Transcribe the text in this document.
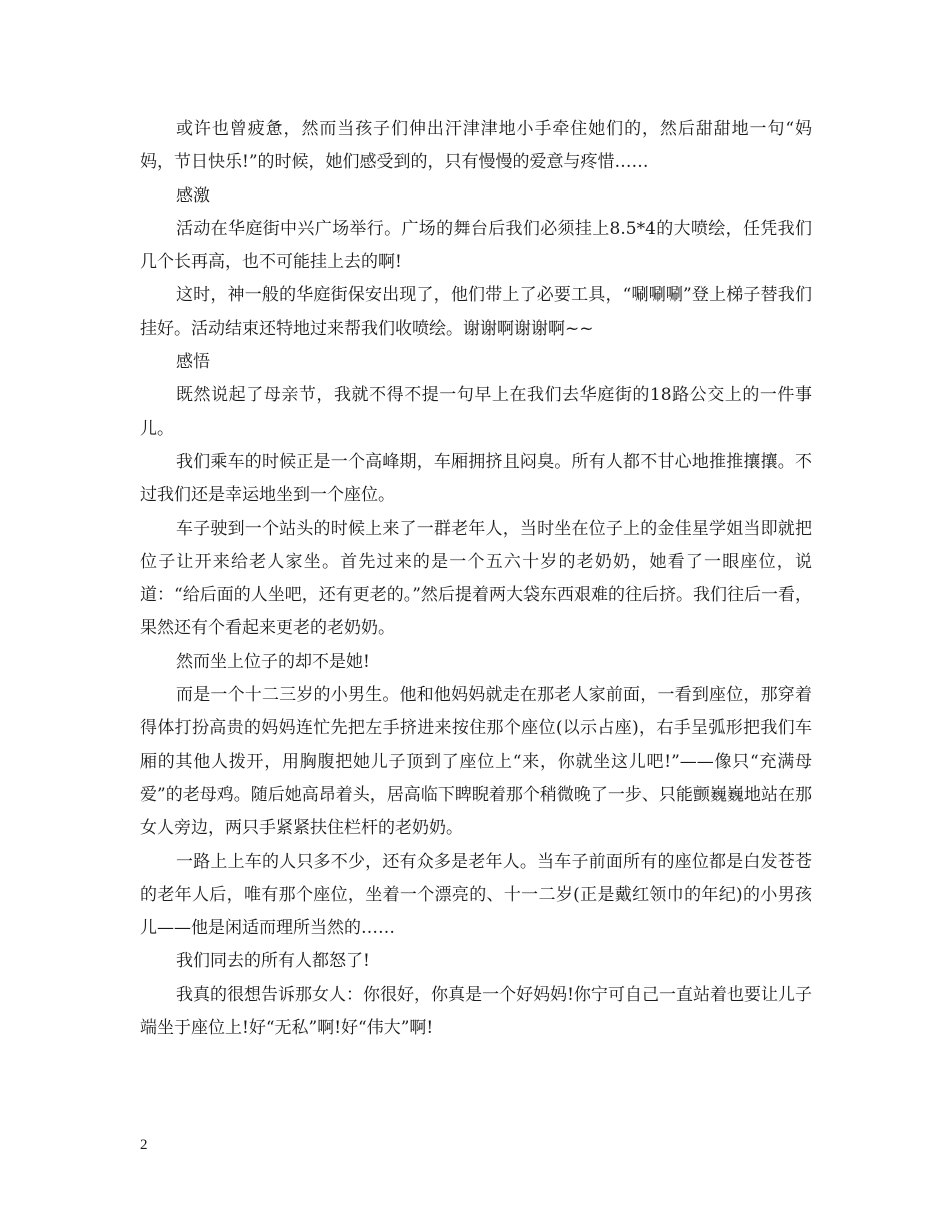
或许也曾疲惫，然而当孩子们伸出汗津津地小手牵住她们的，然后甜甜地一句“妈妈，节日快乐!”的时候，她们感受到的，只有慢慢的爱意与疼惜……

感激

活动在华庭街中兴广场举行。广场的舞台后我们必须挂上8.5*4的大喷绘，任凭我们几个长再高，也不可能挂上去的啊!

这时，神一般的华庭街保安出现了，他们带上了必要工具，“唰唰唰”登上梯子替我们挂好。活动结束还特地过来帮我们收喷绘。谢谢啊谢谢啊~~

感悟

既然说起了母亲节，我就不得不提一句早上在我们去华庭街的18路公交上的一件事儿。

我们乘车的时候正是一个高峰期，车厢拥挤且闷臭。所有人都不甘心地推推攘攘。不过我们还是幸运地坐到一个座位。

车子驶到一个站头的时候上来了一群老年人，当时坐在位子上的金佳星学姐当即就把位子让开来给老人家坐。首先过来的是一个五六十岁的老奶奶，她看了一眼座位，说道：“给后面的人坐吧，还有更老的。”然后提着两大袋东西艰难的往后挤。我们往后一看，果然还有个看起来更老的老奶奶。

然而坐上位子的却不是她!

而是一个十二三岁的小男生。他和他妈妈就走在那老人家前面，一看到座位，那穿着得体打扮高贵的妈妈连忙先把左手挤进来按住那个座位(以示占座)，右手呈弧形把我们车厢的其他人拨开，用胸腹把她儿子顶到了座位上“来，你就坐这儿吧!”——像只“充满母爱”的老母鸡。随后她高昂着头，居高临下睥睨着那个稍微晚了一步、只能颤巍巍地站在那女人旁边，两只手紧紧扶住栏杆的老奶奶。

一路上上车的人只多不少，还有众多是老年人。当车子前面所有的座位都是白发苍苍的老年人后，唯有那个座位，坐着一个漂亮的、十一二岁(正是戴红领巾的年纪)的小男孩儿——他是闲适而理所当然的……

我们同去的所有人都怒了!

我真的很想告诉那女人：你很好，你真是一个好妈妈!你宁可自己一直站着也要让儿子端坐于座位上!好“无私”啊!好“伟大”啊!

2
